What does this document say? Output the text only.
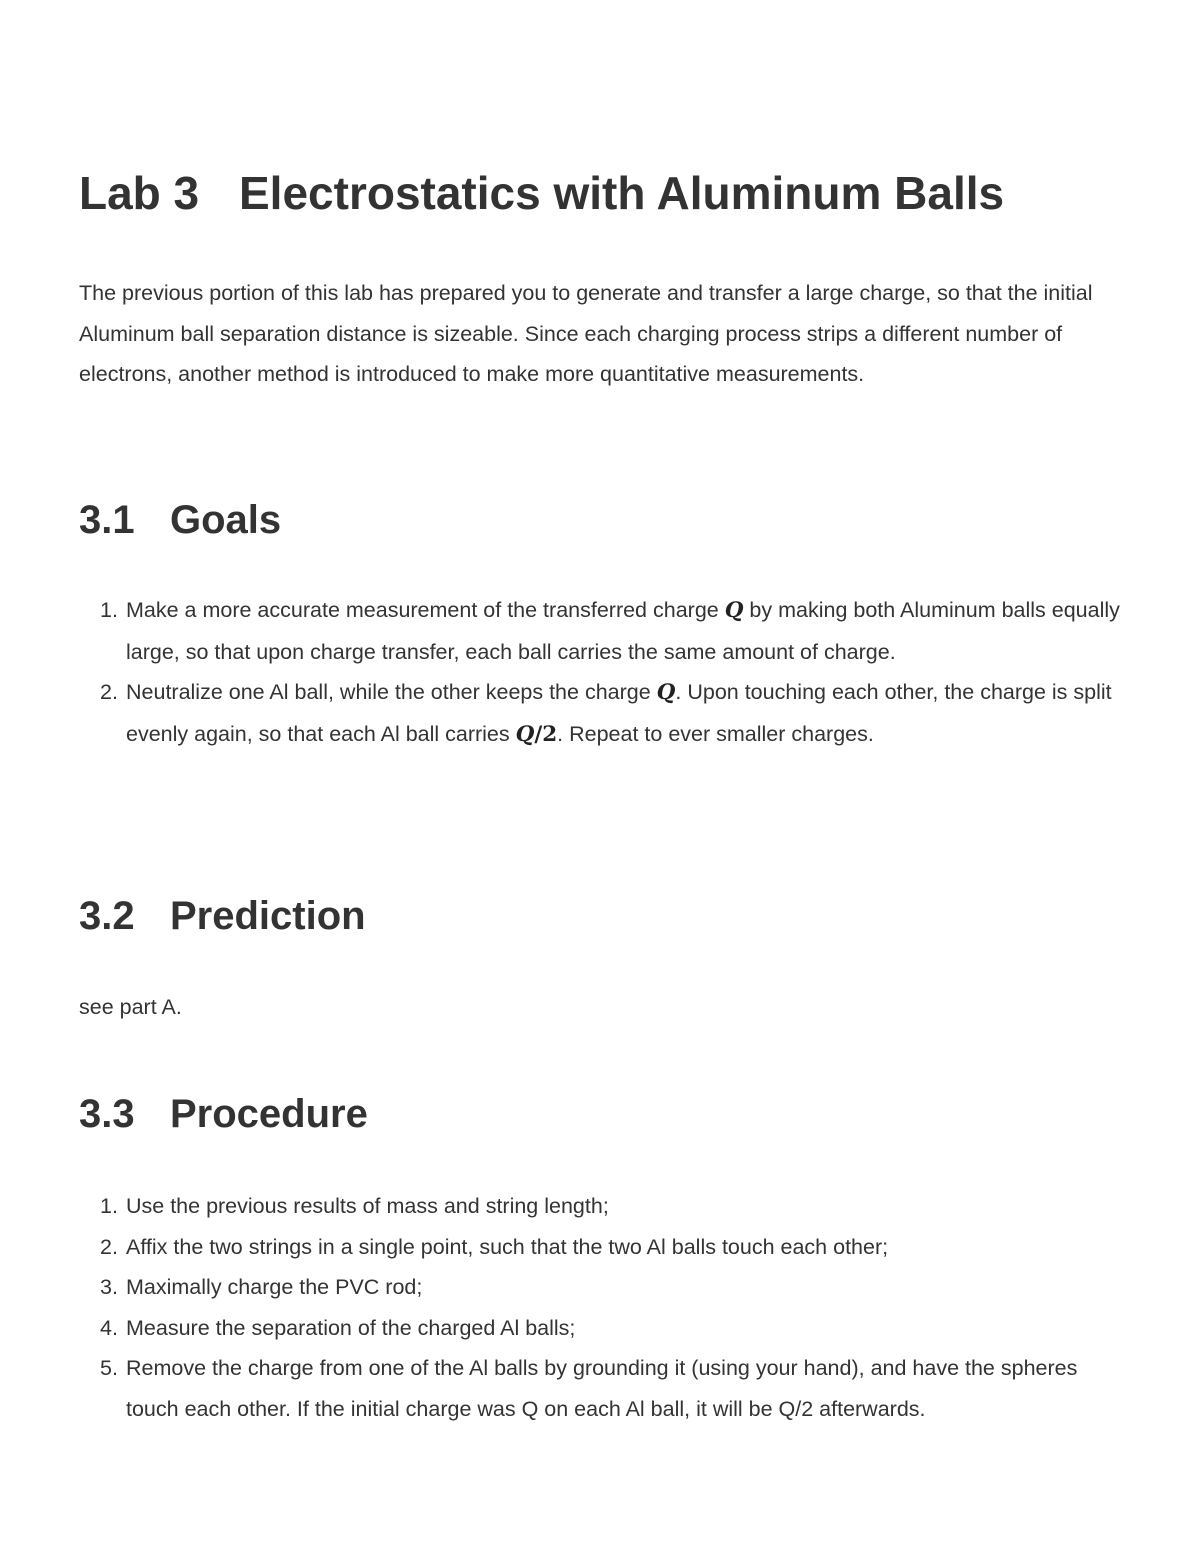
Lab 3 Electrostatics with Aluminum Balls

The previous portion of this lab has prepared you to generate and transfer a large charge, so that the initial Aluminum ball separation distance is sizeable. Since each charging process strips a different number of electrons, another method is introduced to make more quantitative measurements.

3.1 Goals
1. Make a more accurate measurement of the transferred charge Q by making both Aluminum balls equally large, so that upon charge transfer, each ball carries the same amount of charge.
2. Neutralize one Al ball, while the other keeps the charge Q. Upon touching each other, the charge is split evenly again, so that each Al ball carries Q/2. Repeat to ever smaller charges.
3.2 Prediction

see part A.

3.3 Procedure
1. Use the previous results of mass and string length;
2. Affix the two strings in a single point, such that the two Al balls touch each other;
3. Maximally charge the PVC rod;
4. Measure the separation of the charged Al balls;
5. Remove the charge from one of the Al balls by grounding it (using your hand), and have the spheres touch each other. If the initial charge was Q on each Al ball, it will be Q/2 afterwards.
